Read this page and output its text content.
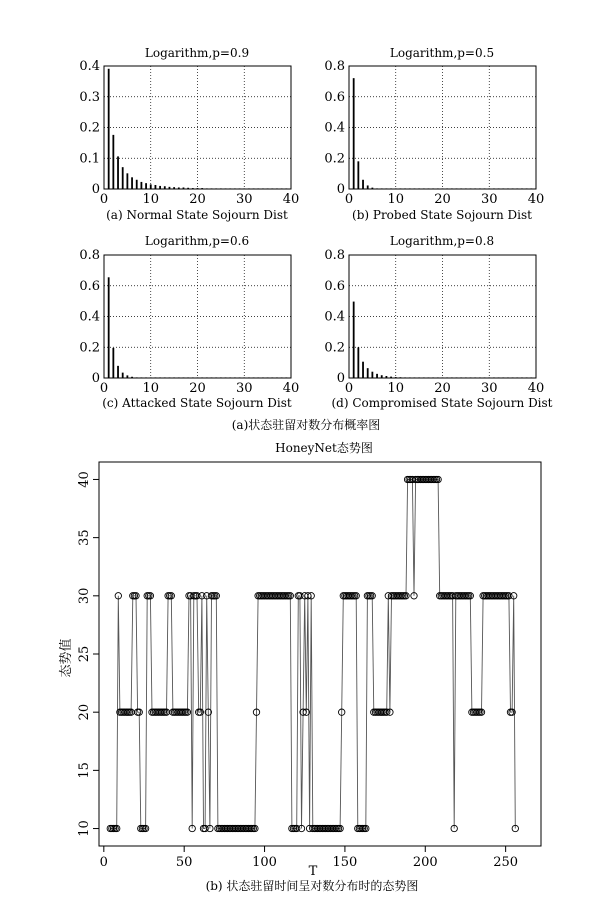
Logarithm,p=0.9
0	10 20 30 40
0
0.1
0.2
0.3
0.4
(a) Normal State Sojourn Dist
Logarithm,p=0.5
0	10 20 30 40
0
0.2
0.4
0.6
0.8
(b) Probed State Sojourn Dist
Logarithm,p=0.6
0	10 20 30 40
0
0.2
0.4
0.6
0.8
(c) Attacked State Sojourn Dist
Logarithm,p=0.8
0	10 20 30 40
0
0.2
0.4
0.6
0.8
(d) Compromised State Sojourn Dist
(a)状态驻留对数分布概率图
HoneyNet态势图
0	50	100	150	200	250
10
15
20
25
30
35
40
T
态势值
(b) 状态驻留时间呈对数分布时的态势图
